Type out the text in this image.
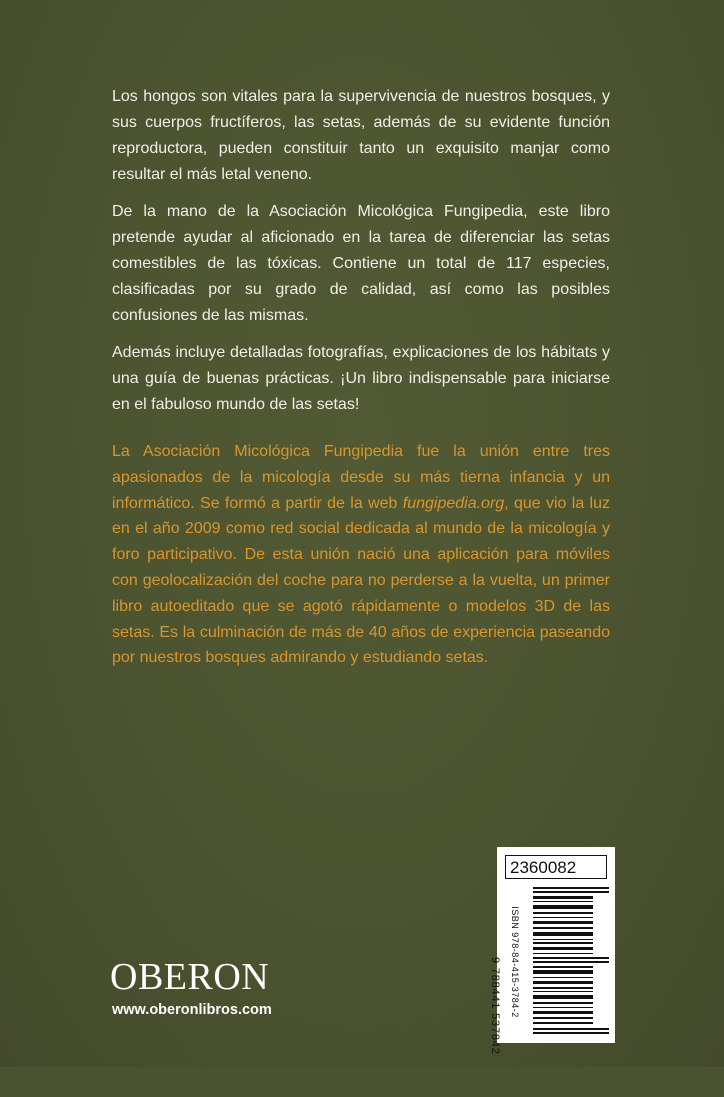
Los hongos son vitales para la supervivencia de nuestros bosques, y sus cuerpos fructíferos, las setas, además de su evidente función reproductora, pueden constituir tanto un exquisito manjar como resultar el más letal veneno.

De la mano de la Asociación Micológica Fungipedia, este libro pretende ayudar al aficionado en la tarea de diferenciar las setas comestibles de las tóxicas. Contiene un total de 117 especies, clasificadas por su grado de calidad, así como las posibles confusiones de las mismas.

Además incluye detalladas fotografías, explicaciones de los hábitats y una guía de buenas prácticas. ¡Un libro indispensable para iniciarse en el fabuloso mundo de las setas!

La Asociación Micológica Fungipedia fue la unión entre tres apasionados de la micología desde su más tierna infancia y un informático. Se formó a partir de la web fungipedia.org, que vio la luz en el año 2009 como red social dedicada al mundo de la micología y foro participativo. De esta unión nació una aplicación para móviles con geolocalización del coche para no perderse a la vuelta, un primer libro autoeditado que se agotó rápidamente o modelos 3D de las setas. Es la culminación de más de 40 años de experiencia paseando por nuestros bosques admirando y estudiando setas.

OBERON
www.oberonlibros.com
2360082
ISBN 978-84-415-3784-2
9 788441 537842
